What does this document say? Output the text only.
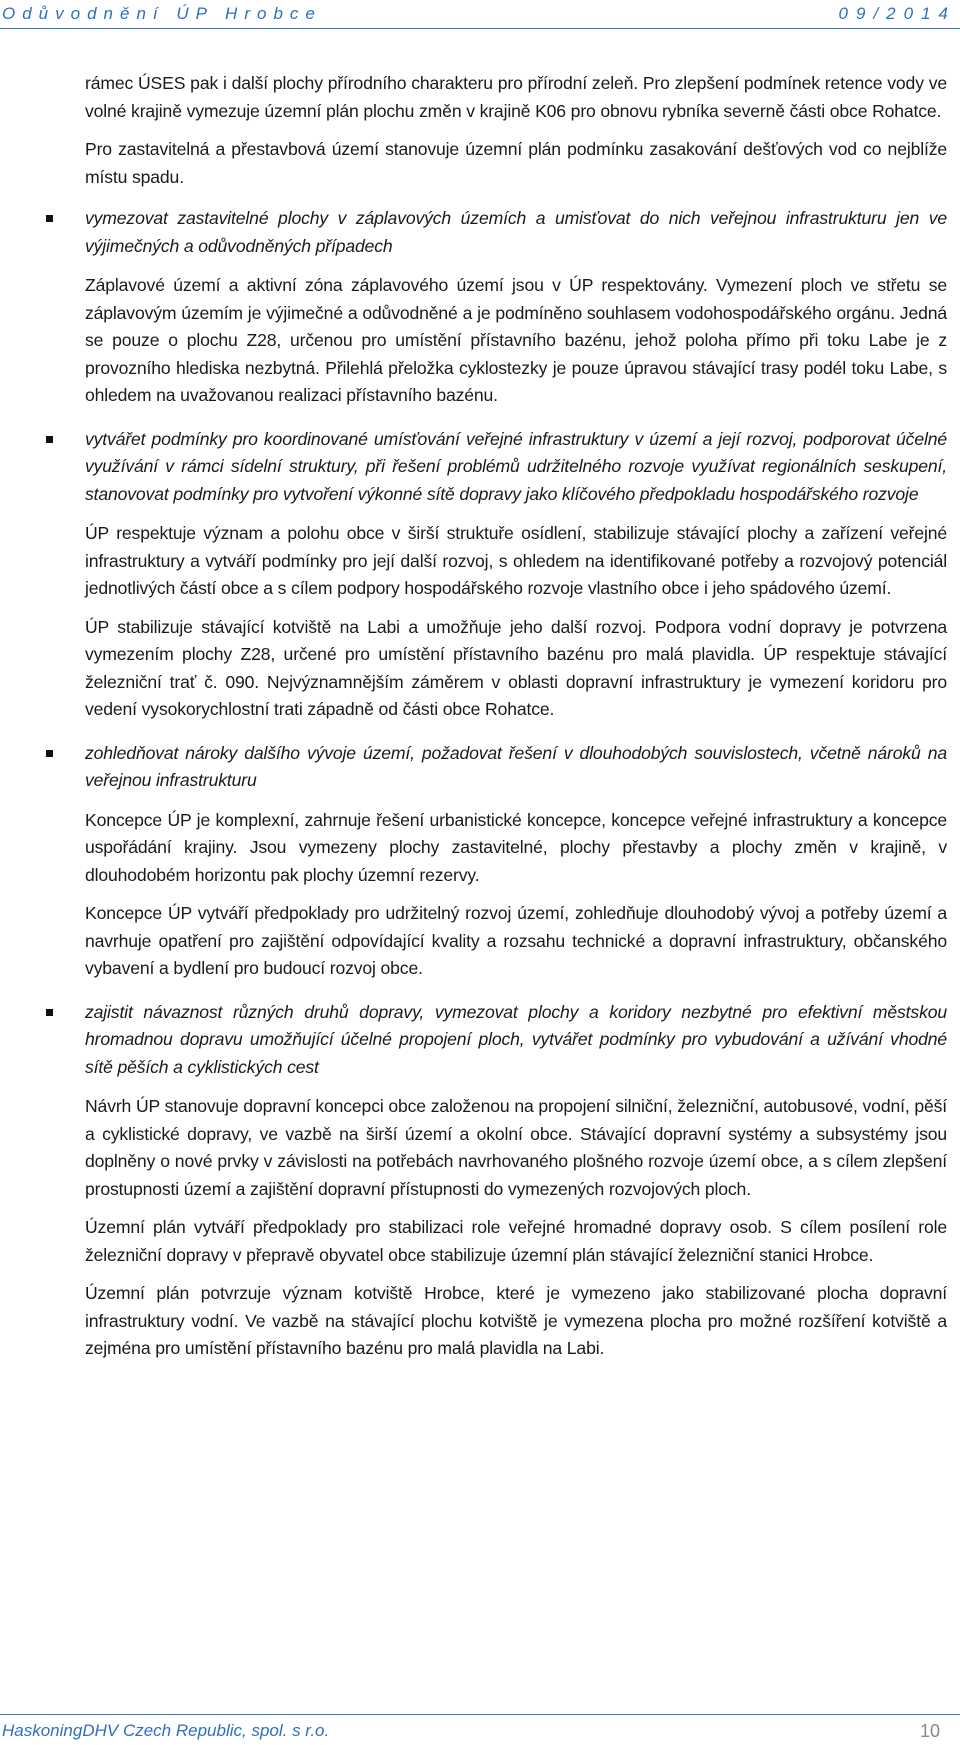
Odůvodnění ÚP Hrobce	09/2014

rámec ÚSES pak i další plochy přírodního charakteru pro přírodní zeleň. Pro zlepšení podmínek retence vody ve volné krajině vymezuje územní plán plochu změn v krajině K06 pro obnovu rybníka severně části obce Rohatce.

Pro zastavitelná a přestavbová území stanovuje územní plán podmínku zasakování dešťových vod co nejblíže místu spadu.

vymezovat zastavitelné plochy v záplavových územích a umisťovat do nich veřejnou infrastrukturu jen ve výjimečných a odůvodněných případech

Záplavové území a aktivní zóna záplavového území jsou v ÚP respektovány. Vymezení ploch ve střetu se záplavovým územím je výjimečné a odůvodněné a je podmíněno souhlasem vodohospodářského orgánu. Jedná se pouze o plochu Z28, určenou pro umístění přístavního bazénu, jehož poloha přímo při toku Labe je z provozního hlediska nezbytná. Přilehlá přeložka cyklostezky je pouze úpravou stávající trasy podél toku Labe, s ohledem na uvažovanou realizaci přístavního bazénu.

vytvářet podmínky pro koordinované umísťování veřejné infrastruktury v území a její rozvoj, podporovat účelné využívání v rámci sídelní struktury, při řešení problémů udržitelného rozvoje využívat regionálních seskupení, stanovovat podmínky pro vytvoření výkonné sítě dopravy jako klíčového předpokladu hospodářského rozvoje

ÚP respektuje význam a polohu obce v širší struktuře osídlení, stabilizuje stávající plochy a zařízení veřejné infrastruktury a vytváří podmínky pro její další rozvoj, s ohledem na identifikované potřeby a rozvojový potenciál jednotlivých částí obce a s cílem podpory hospodářského rozvoje vlastního obce i jeho spádového území.

ÚP stabilizuje stávající kotviště na Labi a umožňuje jeho další rozvoj. Podpora vodní dopravy je potvrzena vymezením plochy Z28, určené pro umístění přístavního bazénu pro malá plavidla. ÚP respektuje stávající železniční trať č. 090. Nejvýznamnějším záměrem v oblasti dopravní infrastruktury je vymezení koridoru pro vedení vysokorychlostní trati západně od části obce Rohatce.

zohledňovat nároky dalšího vývoje území, požadovat řešení v dlouhodobých souvislostech, včetně nároků na veřejnou infrastrukturu

Koncepce ÚP je komplexní, zahrnuje řešení urbanistické koncepce, koncepce veřejné infrastruktury a koncepce uspořádání krajiny. Jsou vymezeny plochy zastavitelné, plochy přestavby a plochy změn v krajině, v dlouhodobém horizontu pak plochy územní rezervy.

Koncepce ÚP vytváří předpoklady pro udržitelný rozvoj území, zohledňuje dlouhodobý vývoj a potřeby území a navrhuje opatření pro zajištění odpovídající kvality a rozsahu technické a dopravní infrastruktury, občanského vybavení a bydlení pro budoucí rozvoj obce.

zajistit návaznost různých druhů dopravy, vymezovat plochy a koridory nezbytné pro efektivní městskou hromadnou dopravu umožňující účelné propojení ploch, vytvářet podmínky pro vybudování a užívání vhodné sítě pěších a cyklistických cest

Návrh ÚP stanovuje dopravní koncepci obce založenou na propojení silniční, železniční, autobusové, vodní, pěší a cyklistické dopravy, ve vazbě na širší území a okolní obce. Stávající dopravní systémy a subsystémy jsou doplněny o nové prvky v závislosti na potřebách navrhovaného plošného rozvoje území obce, a s cílem zlepšení prostupnosti území a zajištění dopravní přístupnosti do vymezených rozvojových ploch.

Územní plán vytváří předpoklady pro stabilizaci role veřejné hromadné dopravy osob. S cílem posílení role železniční dopravy v přepravě obyvatel obce stabilizuje územní plán stávající železniční stanici Hrobce.

Územní plán potvrzuje význam kotviště Hrobce, které je vymezeno jako stabilizované plocha dopravní infrastruktury vodní. Ve vazbě na stávající plochu kotviště je vymezena plocha pro možné rozšíření kotviště a zejména pro umístění přístavního bazénu pro malá plavidla na Labi.

HaskoningDHV Czech Republic, spol. s r.o.	10
